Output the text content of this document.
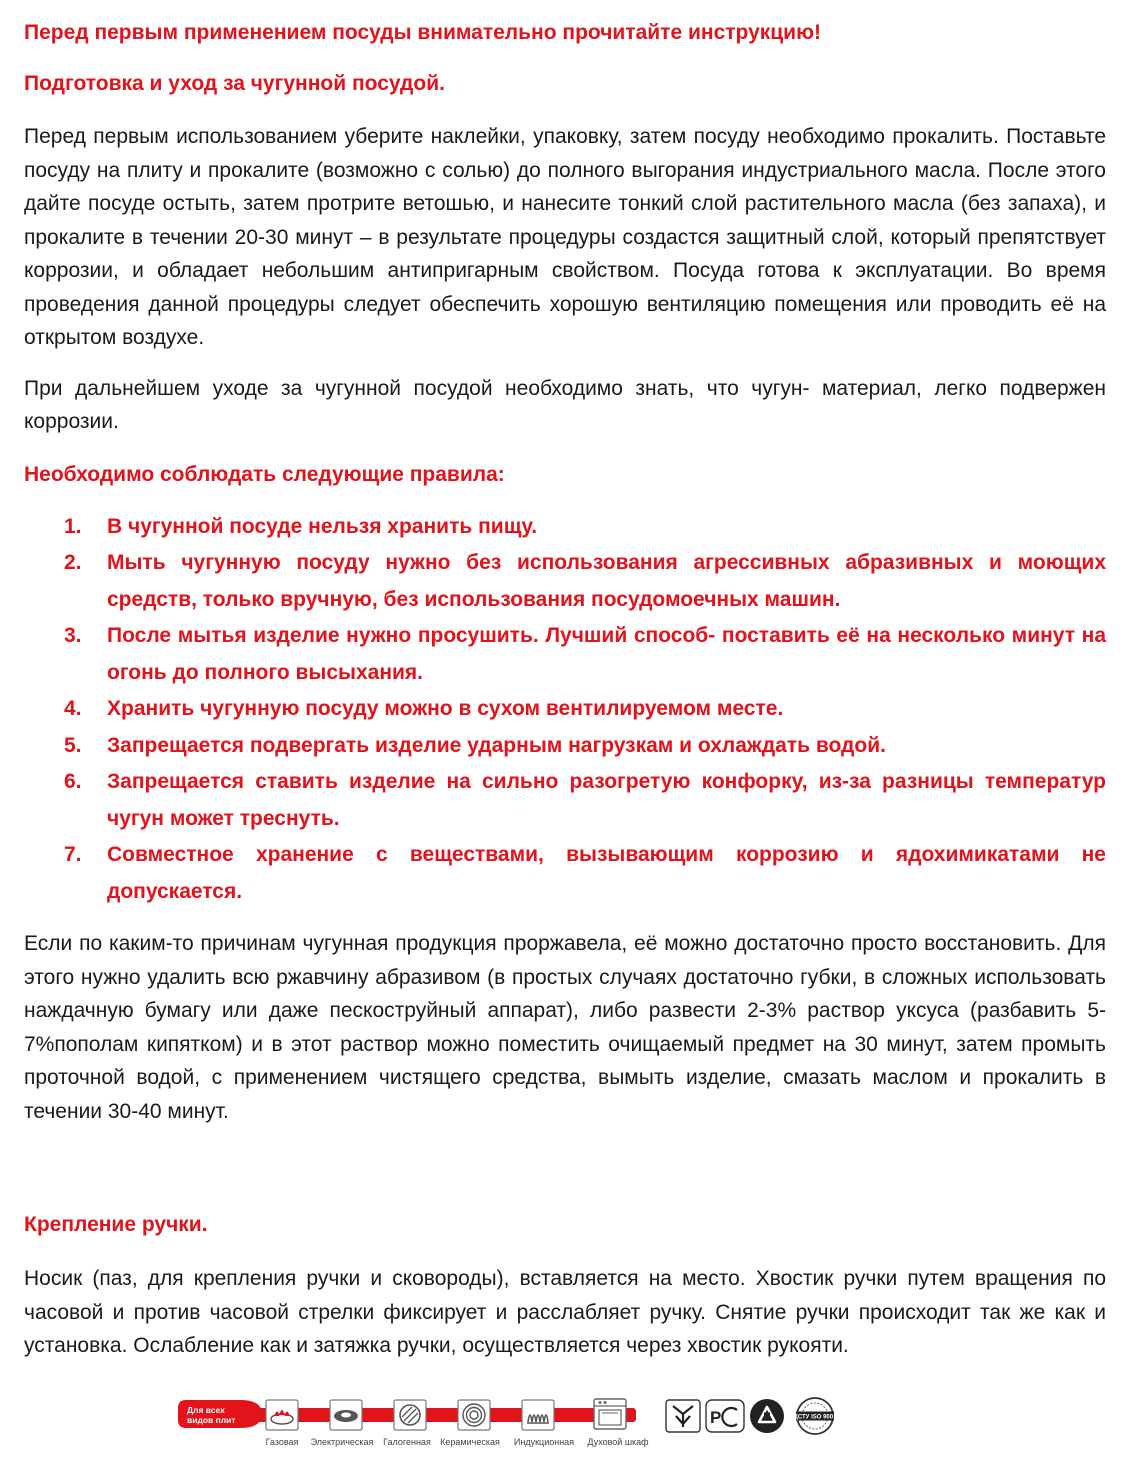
Перед первым применением посуды внимательно прочитайте инструкцию!

Подготовка и уход за чугунной посудой.

Перед первым использованием уберите наклейки, упаковку, затем посуду необходимо прокалить. Поставьте посуду на плиту и прокалите (возможно с солью) до полного выгорания индустриального масла. После этого дайте посуде остыть, затем протрите ветошью, и нанесите тонкий слой растительного масла (без запаха), и прокалите в течении 20-30 минут – в результате процедуры создастся защитный слой, который препятствует коррозии, и обладает небольшим антипригарным свойством. Посуда готова к эксплуатации. Во время проведения данной процедуры следует обеспечить хорошую вентиляцию помещения или проводить её на открытом воздухе.

При дальнейшем уходе за чугунной посудой необходимо знать, что чугун- материал, легко подвержен коррозии.

Необходимо соблюдать следующие правила:

1. В чугунной посуде нельзя хранить пищу.
2. Мыть чугунную посуду нужно без использования агрессивных абразивных и моющих средств, только вручную, без использования посудомоечных машин.
3. После мытья изделие нужно просушить. Лучший способ- поставить её на несколько минут на огонь до полного высыхания.
4. Хранить чугунную посуду можно в сухом вентилируемом месте.
5. Запрещается подвергать изделие ударным нагрузкам и охлаждать водой.
6. Запрещается ставить изделие на сильно разогретую конфорку, из-за разницы температур чугун может треснуть.
7. Совместное хранение с веществами, вызывающим коррозию и ядохимикатами не допускается.

Если по каким-то причинам чугунная продукция проржавела, её можно достаточно просто восстановить. Для этого нужно удалить всю ржавчину абразивом (в простых случаях достаточно губки, в сложных использовать наждачную бумагу или даже пескоструйный аппарат), либо развести 2-3% раствор уксуса (разбавить 5-7%пополам кипятком) и в этот раствор можно поместить очищаемый предмет на 30 минут, затем промыть проточной водой, с применением чистящего средства, вымыть изделие, смазать маслом и прокалить в течении 30-40 минут.

Крепление ручки.

Носик (паз, для крепления ручки и сковороды), вставляется на место. Хвостик ручки путем вращения по часовой и против часовой стрелки фиксирует и расслабляет ручку. Снятие ручки происходит так же как и установка. Ослабление как и затяжка ручки, осуществляется через хвостик рукояти.

Для всех
видов плит
Газовая Электрическая Галогенная Керамическая Индукционная Духовой шкаф
P	ДСТУ ISO 9001
